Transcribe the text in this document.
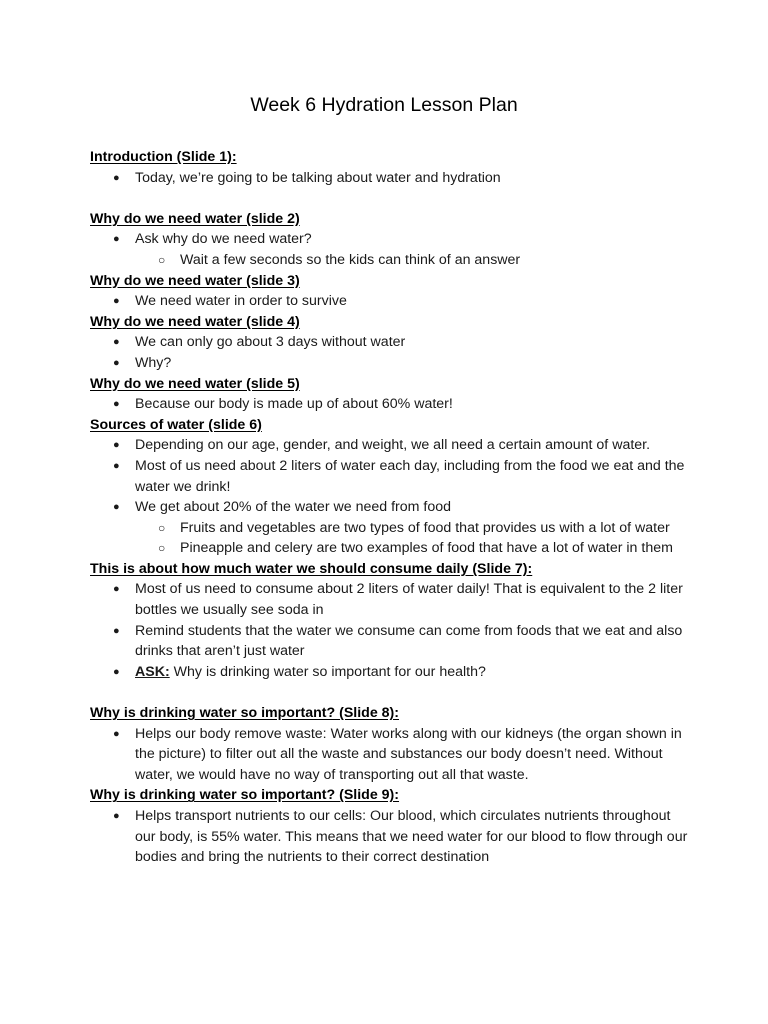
Week 6 Hydration Lesson Plan
Introduction (Slide 1):
● Today, we’re going to be talking about water and hydration
Why do we need water (slide 2)
● Ask why do we need water?
○ Wait a few seconds so the kids can think of an answer
Why do we need water (slide 3)
● We need water in order to survive
Why do we need water (slide 4)
● We can only go about 3 days without water
● Why?
Why do we need water (slide 5)
● Because our body is made up of about 60% water!
Sources of water (slide 6)
● Depending on our age, gender, and weight, we all need a certain amount of water.
● Most of us need about 2 liters of water each day, including from the food we eat and the water we drink!
● We get about 20% of the water we need from food
○ Fruits and vegetables are two types of food that provides us with a lot of water
○ Pineapple and celery are two examples of food that have a lot of water in them
This is about how much water we should consume daily (Slide 7):
● Most of us need to consume about 2 liters of water daily! That is equivalent to the 2 liter bottles we usually see soda in
● Remind students that the water we consume can come from foods that we eat and also drinks that aren’t just water
● ASK: Why is drinking water so important for our health?
Why is drinking water so important? (Slide 8):
● Helps our body remove waste: Water works along with our kidneys (the organ shown in the picture) to filter out all the waste and substances our body doesn’t need. Without water, we would have no way of transporting out all that waste.
Why is drinking water so important? (Slide 9):
● Helps transport nutrients to our cells: Our blood, which circulates nutrients throughout our body, is 55% water. This means that we need water for our blood to flow through our bodies and bring the nutrients to their correct destination
